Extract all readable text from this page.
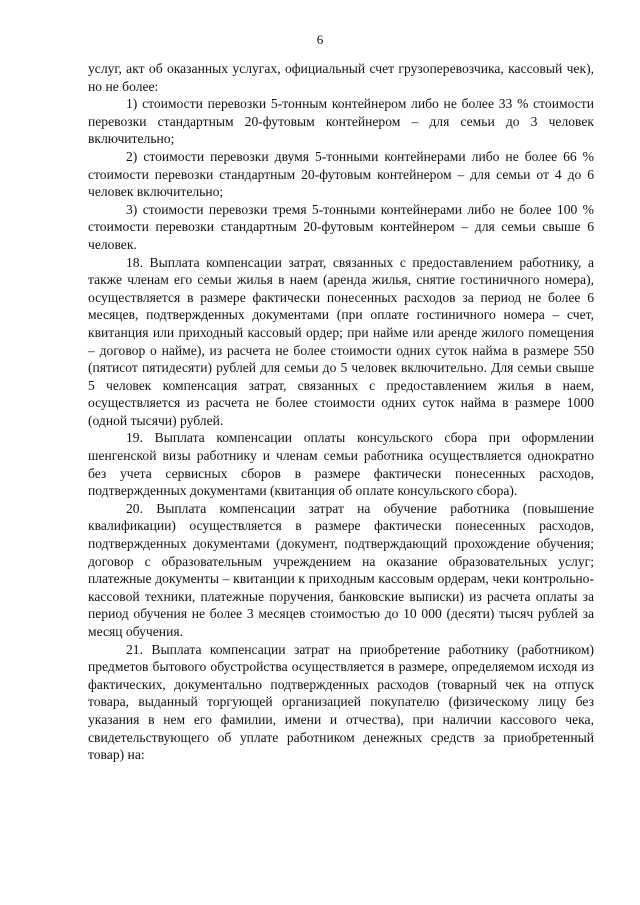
6

услуг, акт об оказанных услугах, официальный счет грузоперевозчика, кассовый чек), но не более:

1) стоимости перевозки 5-тонным контейнером либо не более 33 % стоимости перевозки стандартным 20-футовым контейнером – для семьи до 3 человек включительно;

2) стоимости перевозки двумя 5-тонными контейнерами либо не более 66 % стоимости перевозки стандартным 20-футовым контейнером – для семьи от 4 до 6 человек включительно;

3) стоимости перевозки тремя 5-тонными контейнерами либо не более 100 % стоимости перевозки стандартным 20-футовым контейнером – для семьи свыше 6 человек.

18. Выплата компенсации затрат, связанных с предоставлением работнику, а также членам его семьи жилья в наем (аренда жилья, снятие гостиничного номера), осуществляется в размере фактически понесенных расходов за период не более 6 месяцев, подтвержденных документами (при оплате гостиничного номера – счет, квитанция или приходный кассовый ордер; при найме или аренде жилого помещения – договор о найме), из расчета не более стоимости одних суток найма в размере 550 (пятисот пятидесяти) рублей для семьи до 5 человек включительно. Для семьи свыше 5 человек компенсация затрат, связанных с предоставлением жилья в наем, осуществляется из расчета не более стоимости одних суток найма в размере 1000 (одной тысячи) рублей.

19. Выплата компенсации оплаты консульского сбора при оформлении шенгенской визы работнику и членам семьи работника осуществляется однократно без учета сервисных сборов в размере фактически понесенных расходов, подтвержденных документами (квитанция об оплате консульского сбора).

20. Выплата компенсации затрат на обучение работника (повышение квалификации) осуществляется в размере фактически понесенных расходов, подтвержденных документами (документ, подтверждающий прохождение обучения; договор с образовательным учреждением на оказание образовательных услуг; платежные документы – квитанции к приходным кассовым ордерам, чеки контрольно-кассовой техники, платежные поручения, банковские выписки) из расчета оплаты за период обучения не более 3 месяцев стоимостью до 10 000 (десяти) тысяч рублей за месяц обучения.

21. Выплата компенсации затрат на приобретение работнику (работником) предметов бытового обустройства осуществляется в размере, определяемом исходя из фактических, документально подтвержденных расходов (товарный чек на отпуск товара, выданный торгующей организацией покупателю (физическому лицу без указания в нем его фамилии, имени и отчества), при наличии кассового чека, свидетельствующего об уплате работником денежных средств за приобретенный товар) на:
